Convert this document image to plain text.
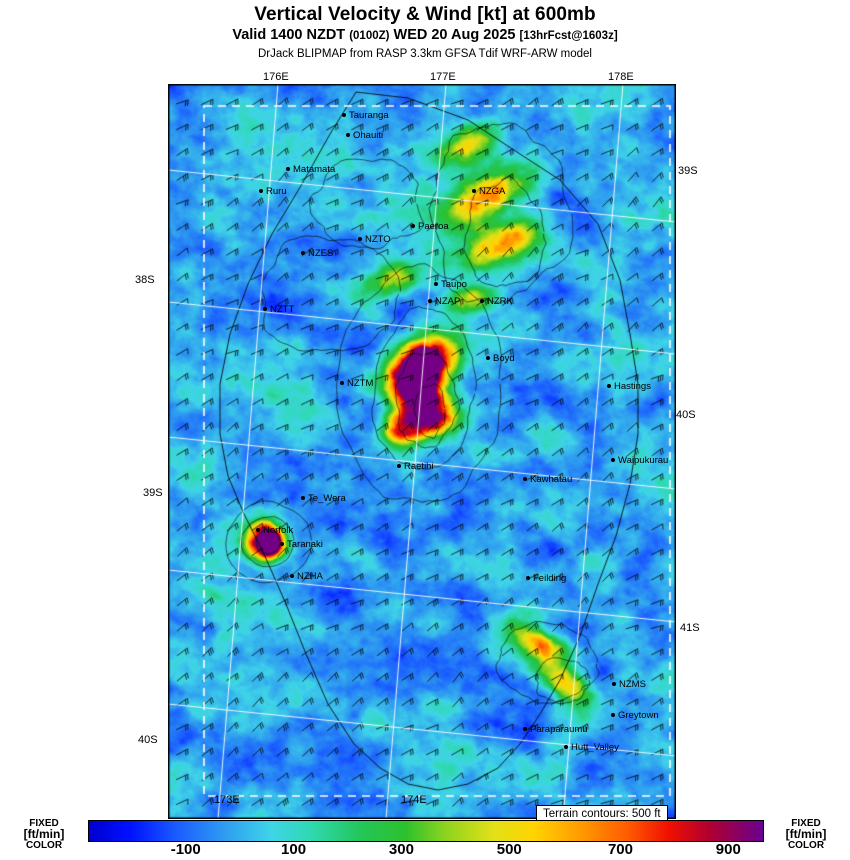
Vertical Velocity & Wind [kt] at 600mb
Valid 1400 NZDT (0100Z) WED 20 Aug 2025 [13hrFcst@1603z]
DrJack BLIPMAP from RASP 3.3km GFSA Tdif WRF-ARW model
176E	177E	178E
173E	174E
39S
38S
40S
39S
41S
40S
Tauranga
Ohauiti
Matamata
Ruru	NZGA
Paeroa
NZTO
NZES
Taupo
NZAP	NZRK
NZTT
Boyd
NZTM	Hastings
Raetihi
Waipukurau
Kawhatau
Te_Wera
Norfolk
Taranaki
NZHA	Feilding
NZMS
Greytown
Paraparaumu
Hutt_Valley
Terrain contours: 500 ft
FIXED
[ft/min]
COLOR	-100	100	300	500	700	900
FIXED
[ft/min]
COLOR
